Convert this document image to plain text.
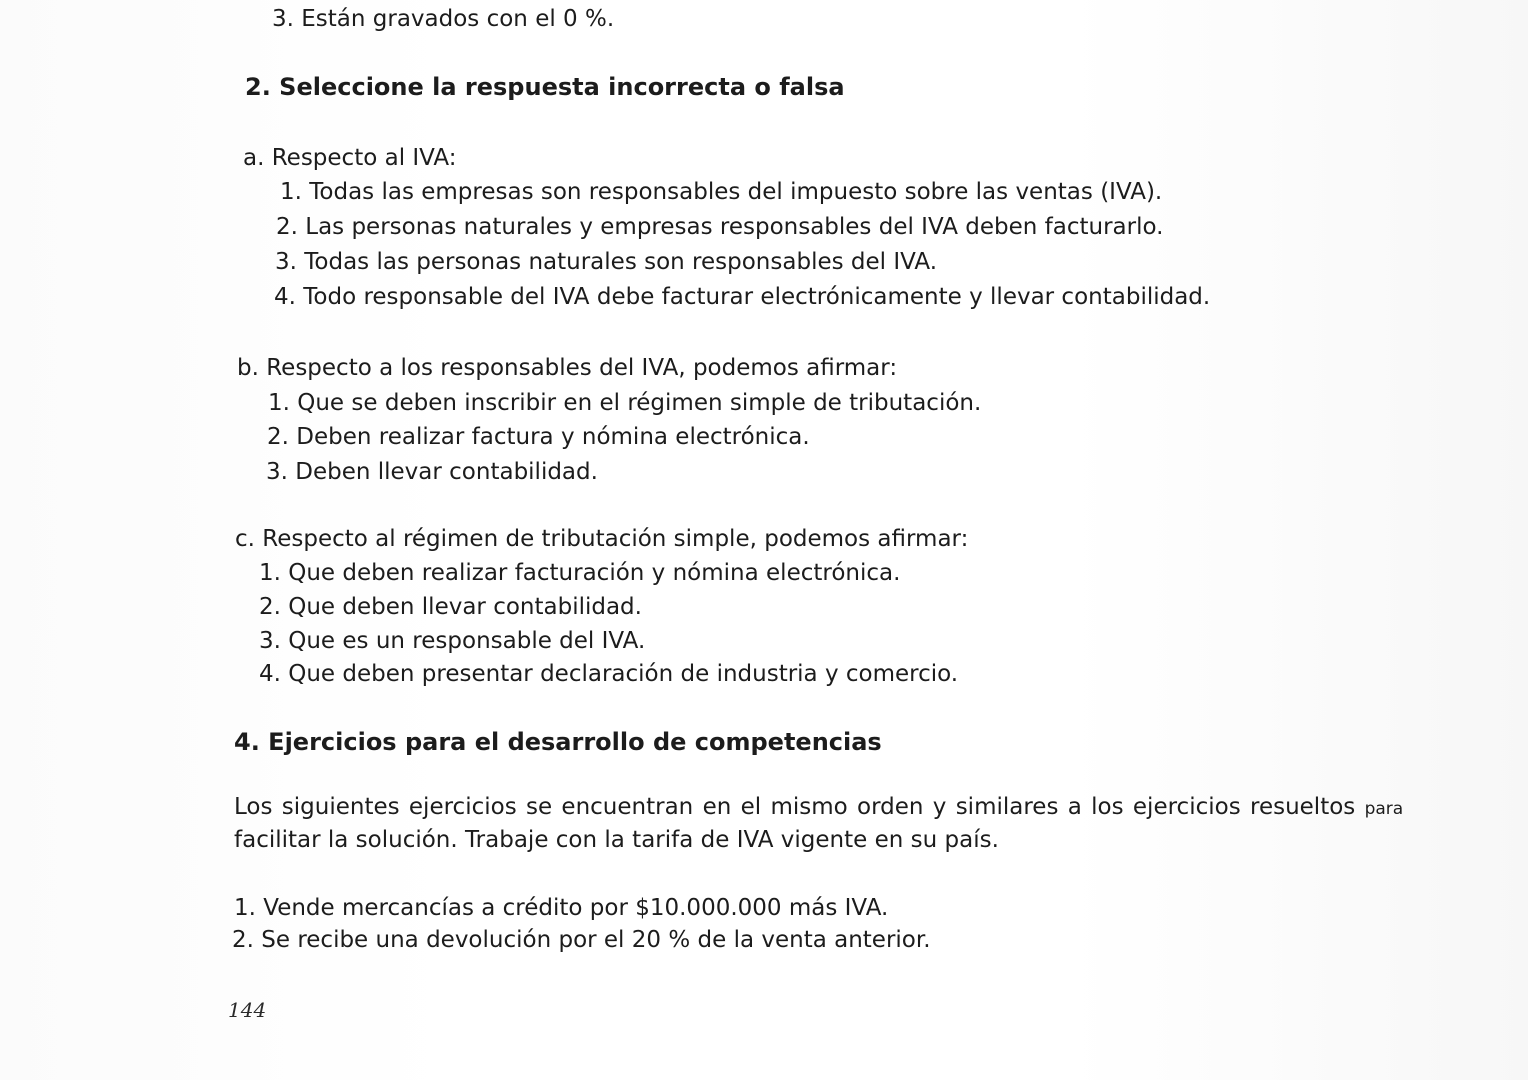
3. Están gravados con el 0 %.
2. Seleccione la respuesta incorrecta o falsa
a. Respecto al IVA:
1. Todas las empresas son responsables del impuesto sobre las ventas (IVA).
2. Las personas naturales y empresas responsables del IVA deben facturarlo.
3. Todas las personas naturales son responsables del IVA.
4. Todo responsable del IVA debe facturar electrónicamente y llevar contabilidad.
b. Respecto a los responsables del IVA, podemos afirmar:
1. Que se deben inscribir en el régimen simple de tributación.
2. Deben realizar factura y nómina electrónica.
3. Deben llevar contabilidad.
c. Respecto al régimen de tributación simple, podemos afirmar:
1. Que deben realizar facturación y nómina electrónica.
2. Que deben llevar contabilidad.
3. Que es un responsable del IVA.
4. Que deben presentar declaración de industria y comercio.
4. Ejercicios para el desarrollo de competencias
Los siguientes ejercicios se encuentran en el mismo orden y similares a los ejercicios resueltos para
facilitar la solución. Trabaje con la tarifa de IVA vigente en su país.
1. Vende mercancías a crédito por $10.000.000 más IVA.
2. Se recibe una devolución por el 20 % de la venta anterior.
144
